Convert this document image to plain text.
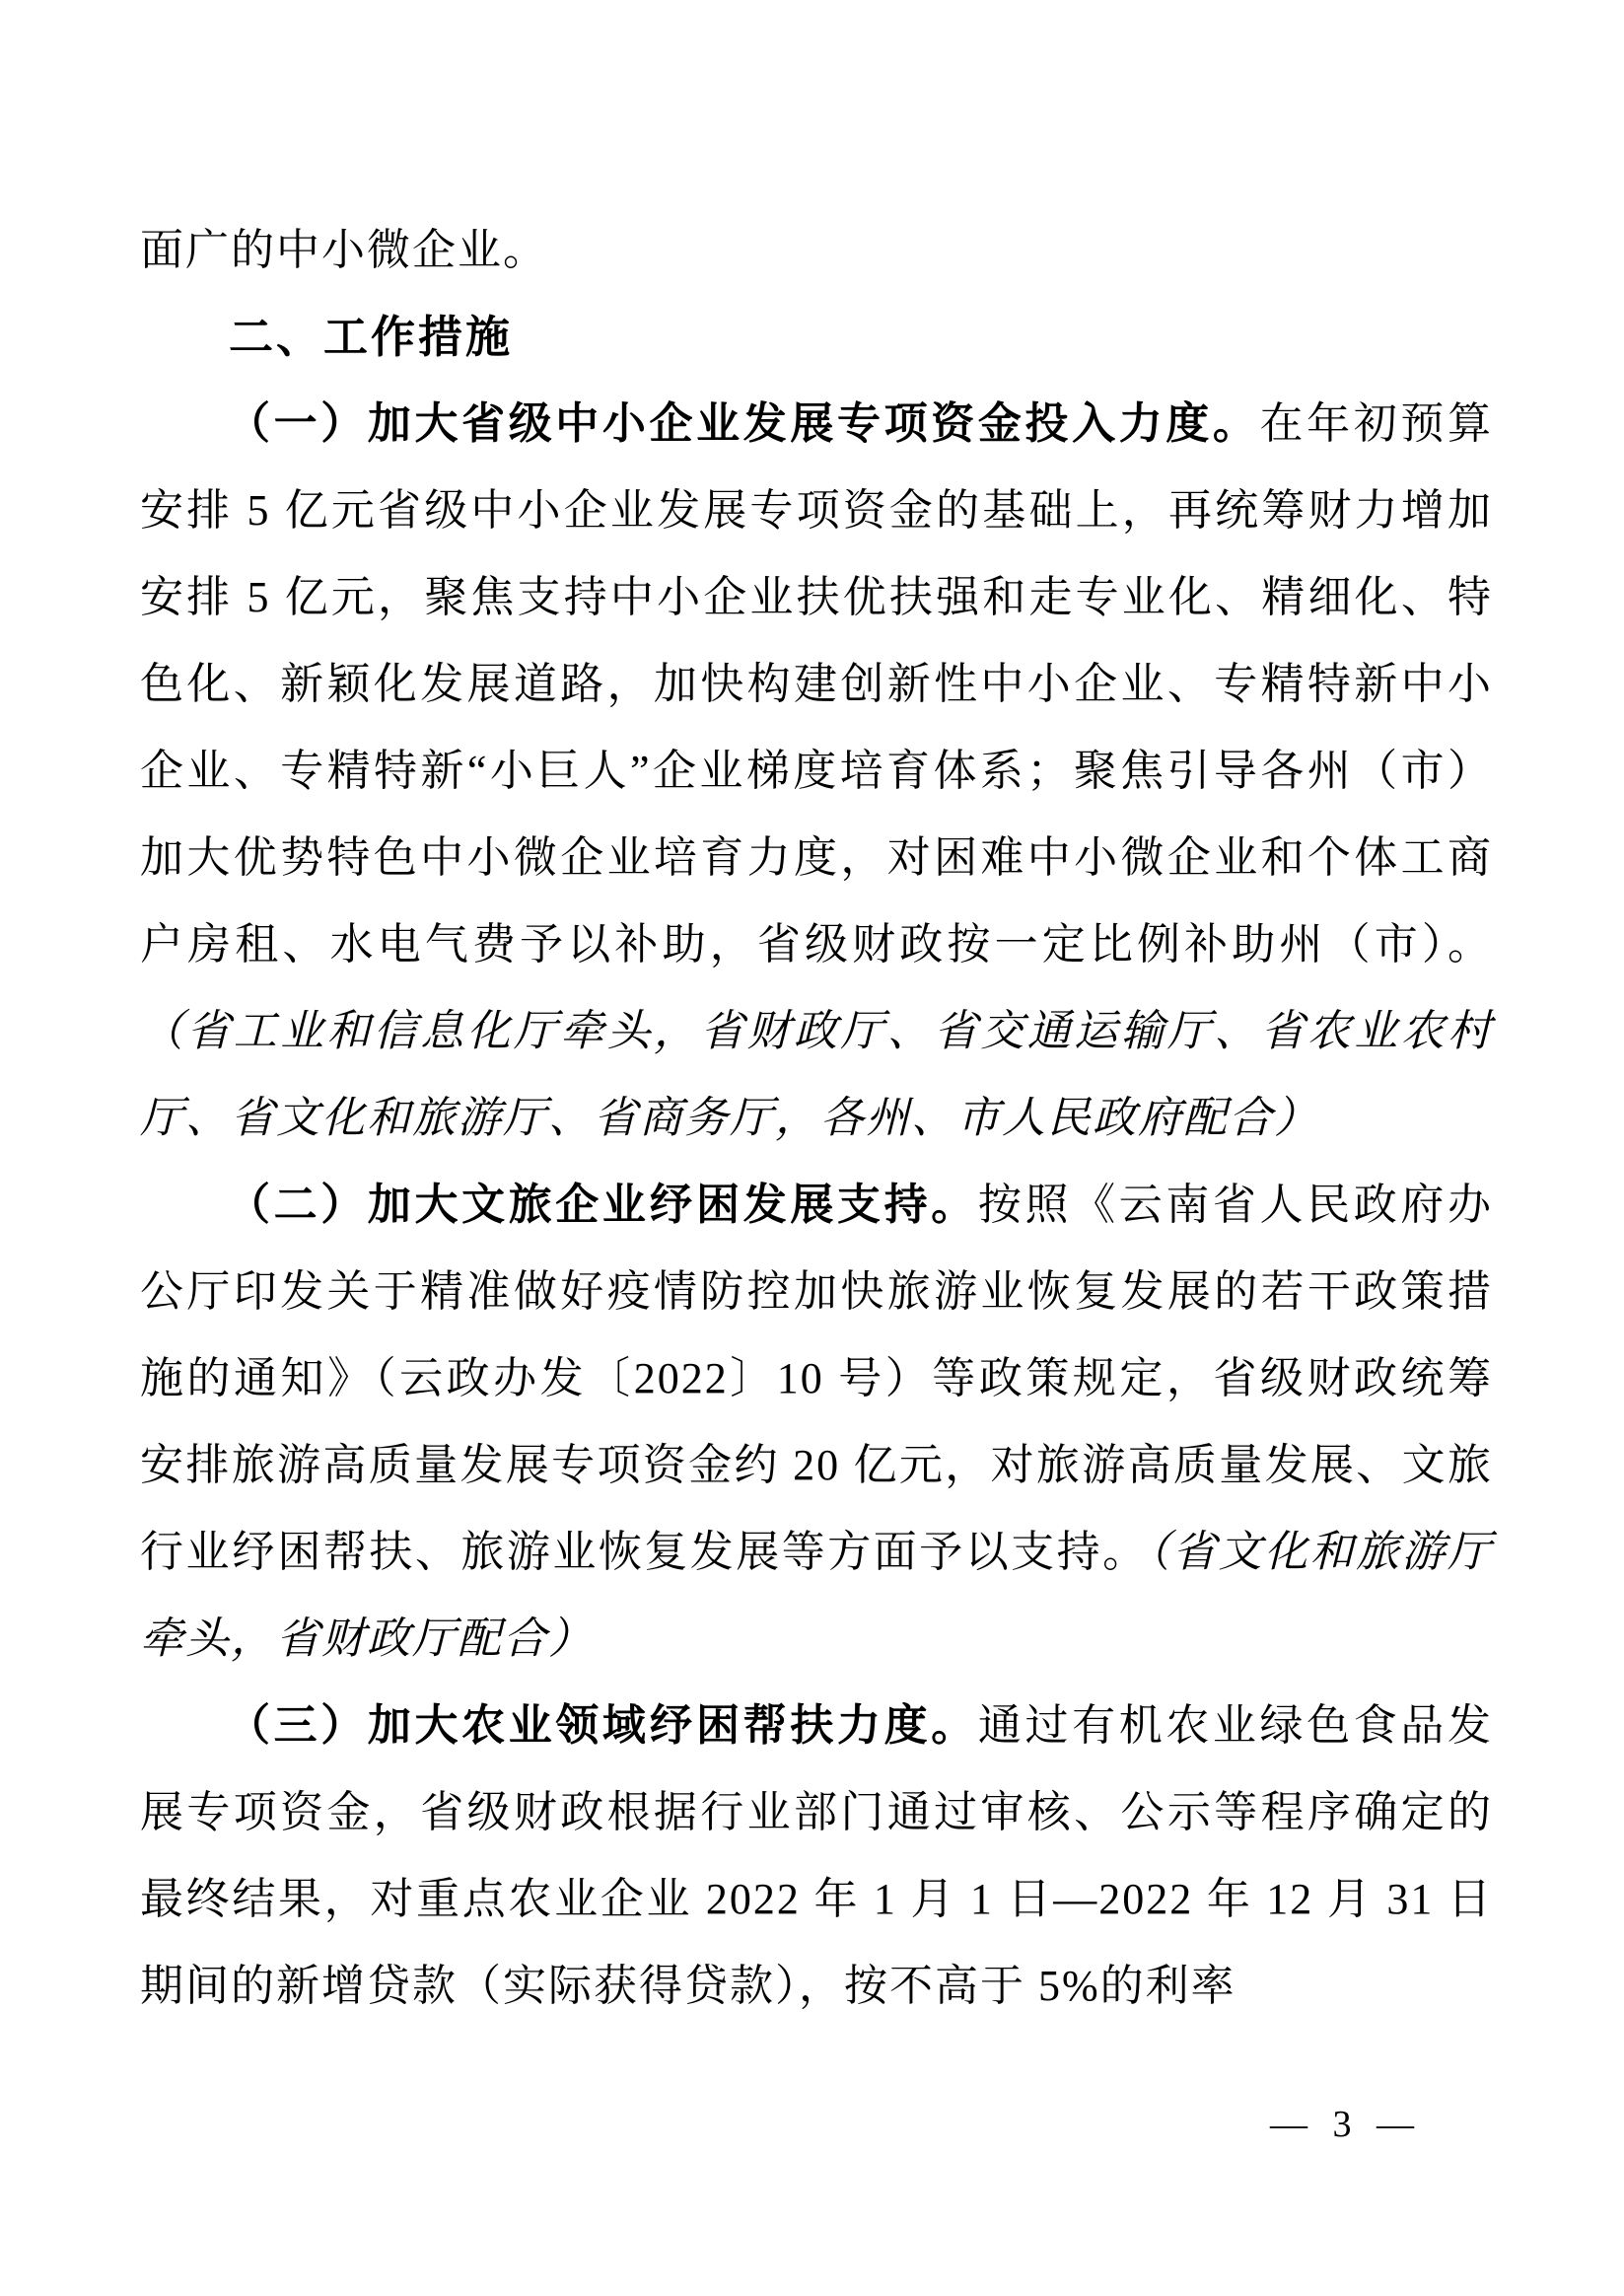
面广的中小微企业。

二、工作措施

（一）加大省级中小企业发展专项资金投入力度。在年初预算安排 5 亿元省级中小企业发展专项资金的基础上，再统筹财力增加安排 5 亿元，聚焦支持中小企业扶优扶强和走专业化、精细化、特色化、新颖化发展道路，加快构建创新性中小企业、专精特新中小企业、专精特新“小巨人”企业梯度培育体系；聚焦引导各州（市）加大优势特色中小微企业培育力度，对困难中小微企业和个体工商户房租、水电气费予以补助，省级财政按一定比例补助州（市）。（省工业和信息化厅牵头，省财政厅、省交通运输厅、省农业农村厅、省文化和旅游厅、省商务厅，各州、市人民政府配合）

（二）加大文旅企业纾困发展支持。按照《云南省人民政府办公厅印发关于精准做好疫情防控加快旅游业恢复发展的若干政策措施的通知》（云政办发〔2022〕10 号）等政策规定，省级财政统筹安排旅游高质量发展专项资金约 20 亿元，对旅游高质量发展、文旅行业纾困帮扶、旅游业恢复发展等方面予以支持。（省文化和旅游厅牵头，省财政厅配合）

（三）加大农业领域纾困帮扶力度。通过有机农业绿色食品发展专项资金，省级财政根据行业部门通过审核、公示等程序确定的最终结果，对重点农业企业 2022 年 1 月 1 日—2022 年 12 月 31 日期间的新增贷款（实际获得贷款），按不高于 5%的利率

— 3 —
